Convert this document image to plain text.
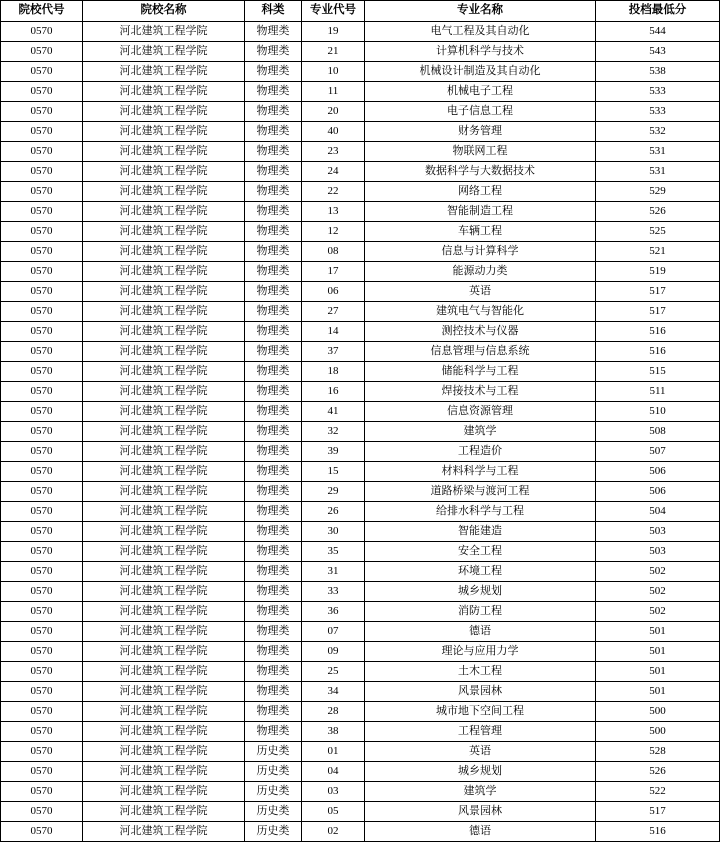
院校代号	院校名称	科类	专业代号	专业名称	投档最低分
0570	河北建筑工程学院	物理类	19	电气工程及其自动化	544
0570	河北建筑工程学院	物理类	21	计算机科学与技术	543
0570	河北建筑工程学院	物理类	10	机械设计制造及其自动化	538
0570	河北建筑工程学院	物理类	11	机械电子工程	533
0570	河北建筑工程学院	物理类	20	电子信息工程	533
0570	河北建筑工程学院	物理类	40	财务管理	532
0570	河北建筑工程学院	物理类	23	物联网工程	531
0570	河北建筑工程学院	物理类	24	数据科学与大数据技术	531
0570	河北建筑工程学院	物理类	22	网络工程	529
0570	河北建筑工程学院	物理类	13	智能制造工程	526
0570	河北建筑工程学院	物理类	12	车辆工程	525
0570	河北建筑工程学院	物理类	08	信息与计算科学	521
0570	河北建筑工程学院	物理类	17	能源动力类	519
0570	河北建筑工程学院	物理类	06	英语	517
0570	河北建筑工程学院	物理类	27	建筑电气与智能化	517
0570	河北建筑工程学院	物理类	14	测控技术与仪器	516
0570	河北建筑工程学院	物理类	37	信息管理与信息系统	516
0570	河北建筑工程学院	物理类	18	储能科学与工程	515
0570	河北建筑工程学院	物理类	16	焊接技术与工程	511
0570	河北建筑工程学院	物理类	41	信息资源管理	510
0570	河北建筑工程学院	物理类	32	建筑学	508
0570	河北建筑工程学院	物理类	39	工程造价	507
0570	河北建筑工程学院	物理类	15	材料科学与工程	506
0570	河北建筑工程学院	物理类	29	道路桥梁与渡河工程	506
0570	河北建筑工程学院	物理类	26	给排水科学与工程	504
0570	河北建筑工程学院	物理类	30	智能建造	503
0570	河北建筑工程学院	物理类	35	安全工程	503
0570	河北建筑工程学院	物理类	31	环境工程	502
0570	河北建筑工程学院	物理类	33	城乡规划	502
0570	河北建筑工程学院	物理类	36	消防工程	502
0570	河北建筑工程学院	物理类	07	德语	501
0570	河北建筑工程学院	物理类	09	理论与应用力学	501
0570	河北建筑工程学院	物理类	25	土木工程	501
0570	河北建筑工程学院	物理类	34	风景园林	501
0570	河北建筑工程学院	物理类	28	城市地下空间工程	500
0570	河北建筑工程学院	物理类	38	工程管理	500
0570	河北建筑工程学院	历史类	01	英语	528
0570	河北建筑工程学院	历史类	04	城乡规划	526
0570	河北建筑工程学院	历史类	03	建筑学	522
0570	河北建筑工程学院	历史类	05	风景园林	517
0570	河北建筑工程学院	历史类	02	德语	516
